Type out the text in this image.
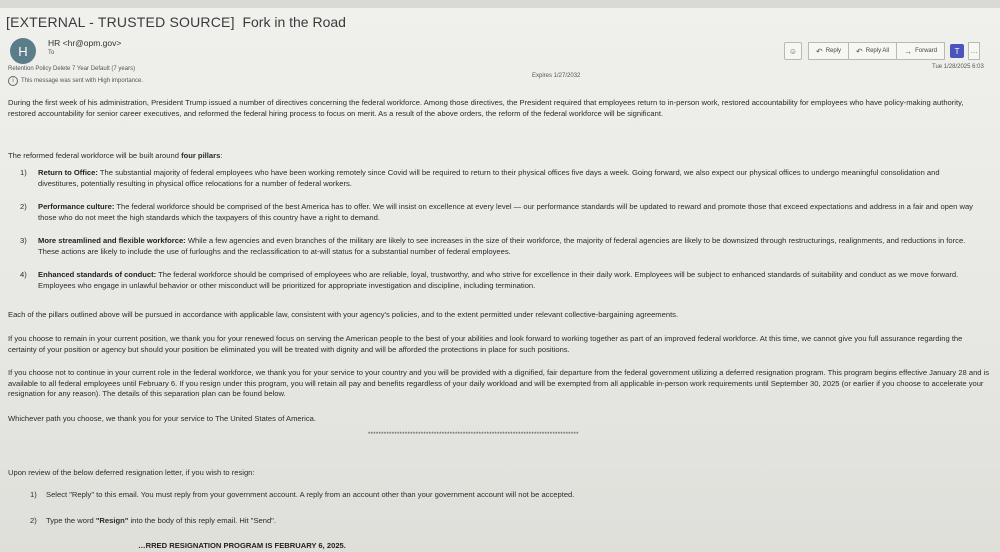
[EXTERNAL - TRUSTED SOURCE] Fork in the Road
H
HR <hr@opm.gov>
To
Retention Policy Delete 7 Year Default (7 years)
i	This message was sent with High importance.
Expires 1/27/2032
☺ ↶ Reply ↶ Reply All → Forward	T	…
Tue 1/28/2025 6:03

During the first week of his administration, President Trump issued a number of directives concerning the federal workforce. Among those directives, the President required that employees return to in-person work, restored accountability for employees who have policy-making authority, restored accountability for senior career executives, and reformed the federal hiring process to focus on merit. As a result of the above orders, the reform of the federal workforce will be significant.

The reformed federal workforce will be built around four pillars:
1) Return to Office: The substantial majority of federal employees who have been working remotely since Covid will be required to return to their physical offices five days a week. Going forward, we also expect our physical offices to undergo meaningful consolidation and divestitures, potentially resulting in physical office relocations for a number of federal workers.
2) Performance culture: The federal workforce should be comprised of the best America has to offer. We will insist on excellence at every level — our performance standards will be updated to reward and promote those that exceed expectations and address in a fair and open way those who do not meet the high standards which the taxpayers of this country have a right to demand.
3) More streamlined and flexible workforce: While a few agencies and even branches of the military are likely to see increases in the size of their workforce, the majority of federal agencies are likely to be downsized through restructurings, realignments, and reductions in force. These actions are likely to include the use of furloughs and the reclassification to at-will status for a substantial number of federal employees.
4) Enhanced standards of conduct: The federal workforce should be comprised of employees who are reliable, loyal, trustworthy, and who strive for excellence in their daily work. Employees will be subject to enhanced standards of suitability and conduct as we move forward. Employees who engage in unlawful behavior or other misconduct will be prioritized for appropriate investigation and discipline, including termination.

Each of the pillars outlined above will be pursued in accordance with applicable law, consistent with your agency's policies, and to the extent permitted under relevant collective-bargaining agreements.

If you choose to remain in your current position, we thank you for your renewed focus on serving the American people to the best of your abilities and look forward to working together as part of an improved federal workforce. At this time, we cannot give you full assurance regarding the certainty of your position or agency but should your position be eliminated you will be treated with dignity and will be afforded the protections in place for such positions.

If you choose not to continue in your current role in the federal workforce, we thank you for your service to your country and you will be provided with a dignified, fair departure from the federal government utilizing a deferred resignation program. This program begins effective January 28 and is available to all federal employees until February 6. If you resign under this program, you will retain all pay and benefits regardless of your daily workload and will be exempted from all applicable in-person work requirements until September 30, 2025 (or earlier if you choose to accelerate your resignation for any reason). The details of this separation plan can be found below.

Whichever path you choose, we thank you for your service to The United States of America.

********************************************************************************

Upon review of the below deferred resignation letter, if you wish to resign:

1) Select "Reply" to this email. You must reply from your government account. A reply from an account other than your government account will not be accepted.
2) Type the word "Resign" into the body of this reply email. Hit "Send".
…RRED RESIGNATION PROGRAM IS FEBRUARY 6, 2025.
